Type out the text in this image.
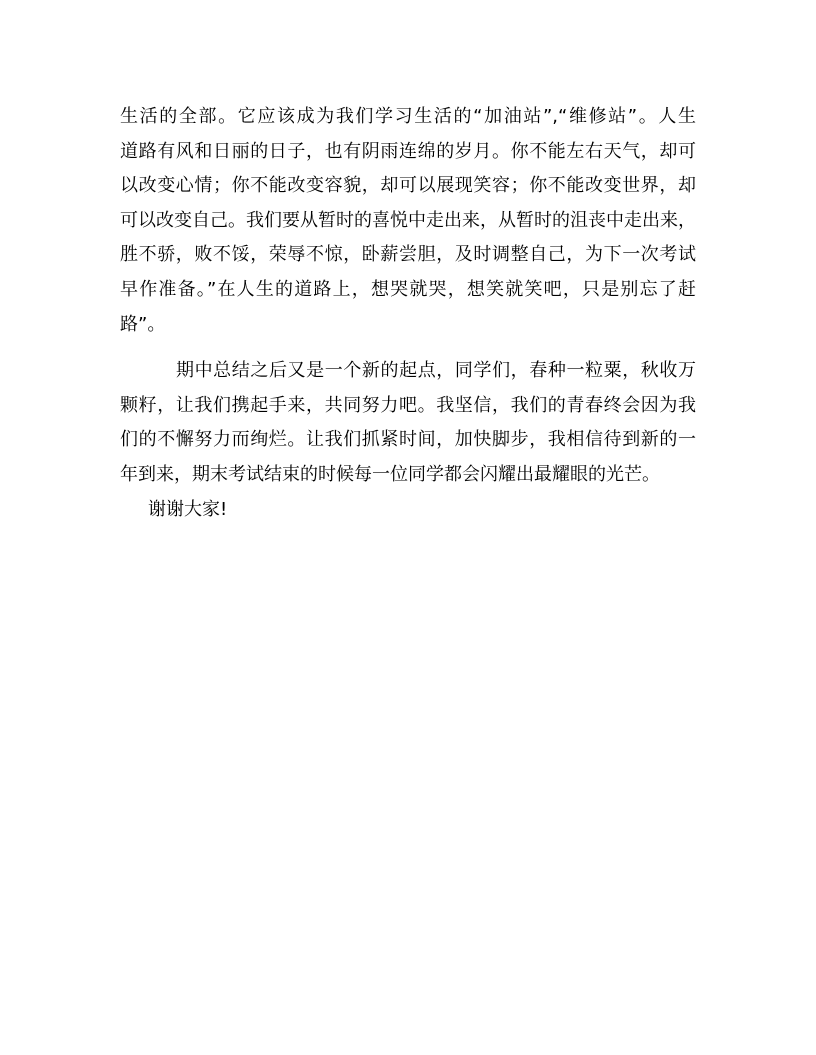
生活的全部。它应该成为我们学习生活的“加油站”,“维修站”。人生
道路有风和日丽的日子，也有阴雨连绵的岁月。你不能左右天气，却可
以改变心情；你不能改变容貌，却可以展现笑容；你不能改变世界，却
可以改变自己。我们要从暂时的喜悦中走出来，从暂时的沮丧中走出来，
胜不骄，败不馁，荣辱不惊，卧薪尝胆，及时调整自己，为下一次考试
早作准备。”在人生的道路上，想哭就哭，想笑就笑吧，只是别忘了赶
路”。
期中总结之后又是一个新的起点，同学们，春种一粒粟，秋收万
颗籽，让我们携起手来，共同努力吧。我坚信，我们的青春终会因为我
们的不懈努力而绚烂。让我们抓紧时间，加快脚步，我相信待到新的一
年到来，期末考试结束的时候每一位同学都会闪耀出最耀眼的光芒。
谢谢大家!
